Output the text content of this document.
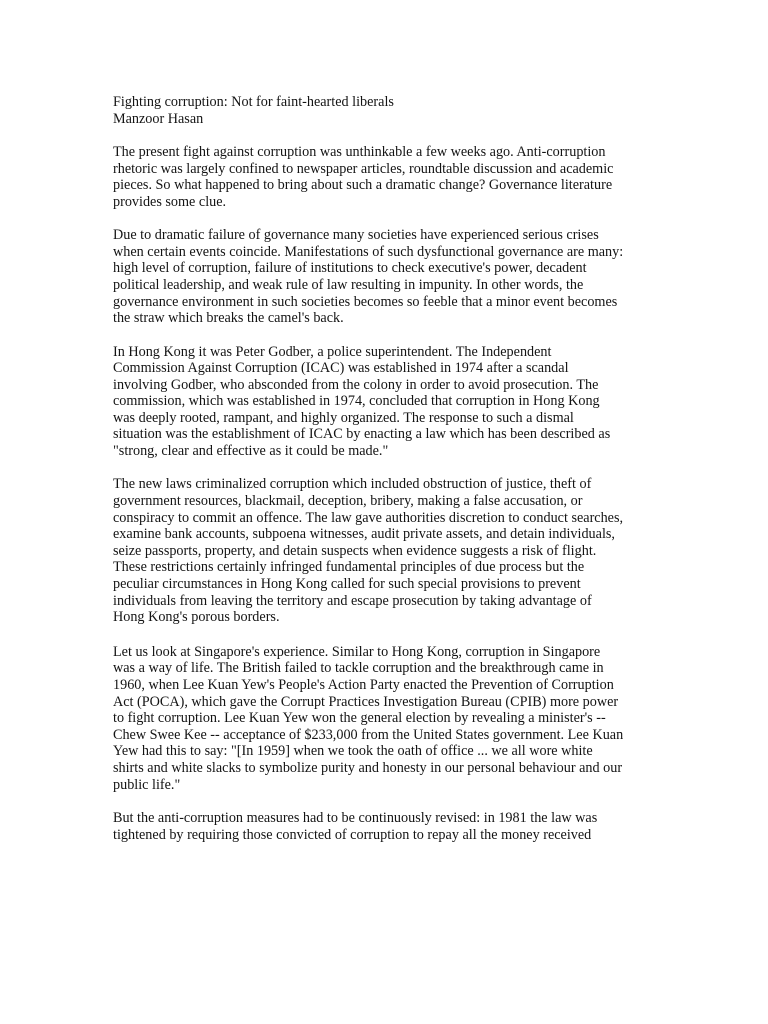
Fighting corruption: Not for faint-hearted liberals
Manzoor Hasan

The present fight against corruption was unthinkable a few weeks ago. Anti-corruption
rhetoric was largely confined to newspaper articles, roundtable discussion and academic
pieces. So what happened to bring about such a dramatic change? Governance literature
provides some clue.

Due to dramatic failure of governance many societies have experienced serious crises
when certain events coincide. Manifestations of such dysfunctional governance are many:
high level of corruption, failure of institutions to check executive's power, decadent
political leadership, and weak rule of law resulting in impunity. In other words, the
governance environment in such societies becomes so feeble that a minor event becomes
the straw which breaks the camel's back.

In Hong Kong it was Peter Godber, a police superintendent. The Independent
Commission Against Corruption (ICAC) was established in 1974 after a scandal
involving Godber, who absconded from the colony in order to avoid prosecution. The
commission, which was established in 1974, concluded that corruption in Hong Kong
was deeply rooted, rampant, and highly organized. The response to such a dismal
situation was the establishment of ICAC by enacting a law which has been described as
"strong, clear and effective as it could be made."

The new laws criminalized corruption which included obstruction of justice, theft of
government resources, blackmail, deception, bribery, making a false accusation, or
conspiracy to commit an offence. The law gave authorities discretion to conduct searches,
examine bank accounts, subpoena witnesses, audit private assets, and detain individuals,
seize passports, property, and detain suspects when evidence suggests a risk of flight.
These restrictions certainly infringed fundamental principles of due process but the
peculiar circumstances in Hong Kong called for such special provisions to prevent
individuals from leaving the territory and escape prosecution by taking advantage of
Hong Kong's porous borders.

Let us look at Singapore's experience. Similar to Hong Kong, corruption in Singapore
was a way of life. The British failed to tackle corruption and the breakthrough came in
1960, when Lee Kuan Yew's People's Action Party enacted the Prevention of Corruption
Act (POCA), which gave the Corrupt Practices Investigation Bureau (CPIB) more power
to fight corruption. Lee Kuan Yew won the general election by revealing a minister's --
Chew Swee Kee -- acceptance of $233,000 from the United States government. Lee Kuan
Yew had this to say: "[In 1959] when we took the oath of office ... we all wore white
shirts and white slacks to symbolize purity and honesty in our personal behaviour and our
public life."

But the anti-corruption measures had to be continuously revised: in 1981 the law was
tightened by requiring those convicted of corruption to repay all the money received
